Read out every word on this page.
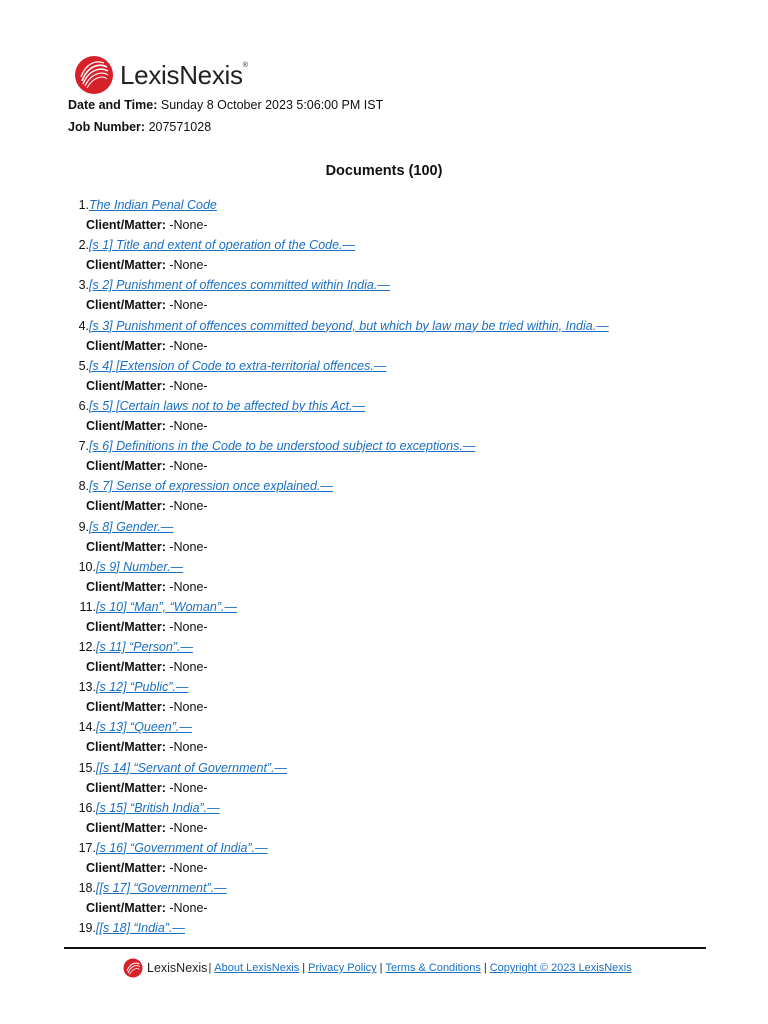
LexisNexis®
Date and Time: Sunday 8 October 2023 5:06:00 PM IST
Job Number: 207571028
Documents (100)
1. The Indian Penal Code
Client/Matter: -None-
2. [s 1] Title and extent of operation of the Code.—
Client/Matter: -None-
3. [s 2] Punishment of offences committed within India.—
Client/Matter: -None-
4. [s 3] Punishment of offences committed beyond, but which by law may be tried within, India.—
Client/Matter: -None-
5. [s 4] [Extension of Code to extra-territorial offences.—
Client/Matter: -None-
6. [s 5] [Certain laws not to be affected by this Act.—
Client/Matter: -None-
7. [s 6] Definitions in the Code to be understood subject to exceptions.—
Client/Matter: -None-
8. [s 7] Sense of expression once explained.—
Client/Matter: -None-
9. [s 8] Gender.—
Client/Matter: -None-
10. [s 9] Number.—
Client/Matter: -None-
11. [s 10] “Man”, “Woman”.—
Client/Matter: -None-
12. [s 11] “Person”.—
Client/Matter: -None-
13. [s 12] “Public”.—
Client/Matter: -None-
14. [s 13] “Queen”.—
Client/Matter: -None-
15. [[s 14] “Servant of Government”.—
Client/Matter: -None-
16. [s 15] “British India”.—
Client/Matter: -None-
17. [s 16] “Government of India”.—
Client/Matter: -None-
18. [[s 17] “Government”.—
Client/Matter: -None-
19. [[s 18] “India”.—
LexisNexis | About LexisNexis | Privacy Policy | Terms & Conditions | Copyright © 2023 LexisNexis
